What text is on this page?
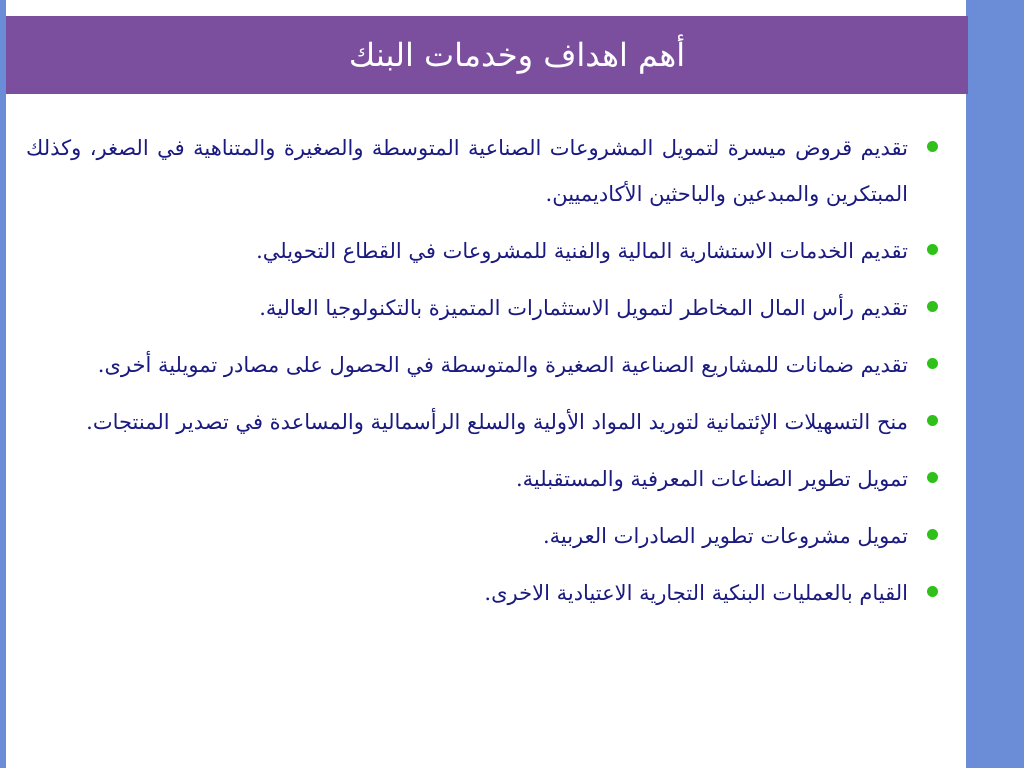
أهم اهداف وخدمات البنك
تقديم قروض ميسرة لتمويل المشروعات الصناعية المتوسطة والصغيرة والمتناهية في الصغر، وكذلك المبتكرين والمبدعين والباحثين الأكاديميين.
تقديم الخدمات الاستشارية المالية والفنية للمشروعات في القطاع التحويلي.
تقديم رأس المال المخاطر لتمويل الاستثمارات المتميزة بالتكنولوجيا العالية.
تقديم ضمانات للمشاريع الصناعية الصغيرة والمتوسطة في الحصول على مصادر تمويلية أخرى.
منح التسهيلات الإئتمانية لتوريد المواد الأولية والسلع الرأسمالية والمساعدة في تصدير المنتجات.
تمويل تطوير الصناعات المعرفية والمستقبلية.
تمويل مشروعات تطوير الصادرات العربية.
القيام بالعمليات البنكية التجارية الاعتيادية الاخرى.
